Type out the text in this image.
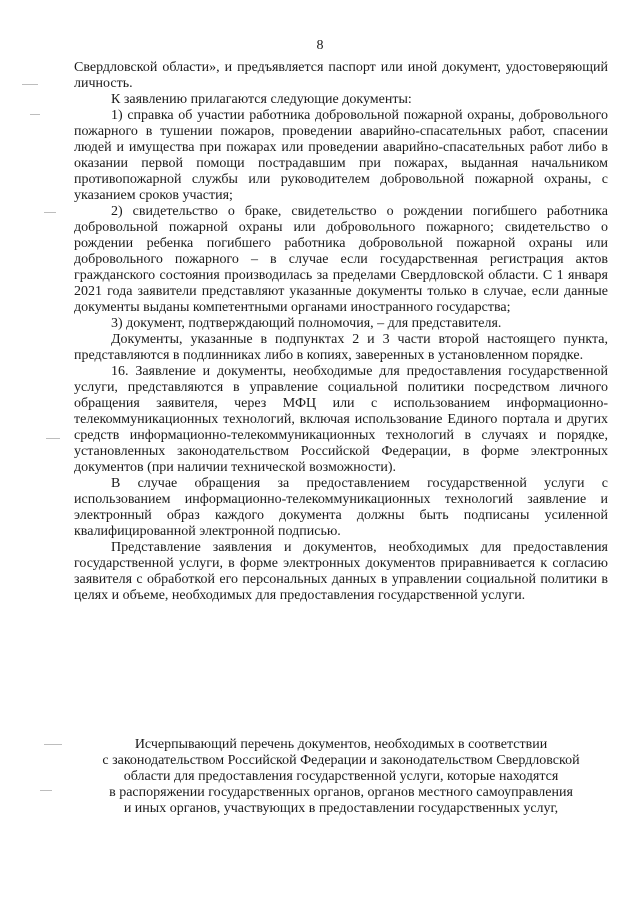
8

Свердловской области», и предъявляется паспорт или иной документ, удостоверяющий личность.

К заявлению прилагаются следующие документы:

1) справка об участии работника добровольной пожарной охраны, добровольного пожарного в тушении пожаров, проведении аварийно-спасательных работ, спасении людей и имущества при пожарах или проведении аварийно-спасательных работ либо в оказании первой помощи пострадавшим при пожарах, выданная начальником противопожарной службы или руководителем добровольной пожарной охраны, с указанием сроков участия;

2) свидетельство о браке, свидетельство о рождении погибшего работника добровольной пожарной охраны или добровольного пожарного; свидетельство о рождении ребенка погибшего работника добровольной пожарной охраны или добровольного пожарного – в случае если государственная регистрация актов гражданского состояния производилась за пределами Свердловской области. С 1 января 2021 года заявители представляют указанные документы только в случае, если данные документы выданы компетентными органами иностранного государства;

3) документ, подтверждающий полномочия, – для представителя.

Документы, указанные в подпунктах 2 и 3 части второй настоящего пункта, представляются в подлинниках либо в копиях, заверенных в установленном порядке.

16. Заявление и документы, необходимые для предоставления государственной услуги, представляются в управление социальной политики посредством личного обращения заявителя, через МФЦ или с использованием информационно-телекоммуникационных технологий, включая использование Единого портала и других средств информационно-телекоммуникационных технологий в случаях и порядке, установленных законодательством Российской Федерации, в форме электронных документов (при наличии технической возможности).

В случае обращения за предоставлением государственной услуги с использованием информационно-телекоммуникационных технологий заявление и электронный образ каждого документа должны быть подписаны усиленной квалифицированной электронной подписью.

Представление заявления и документов, необходимых для предоставления государственной услуги, в форме электронных документов приравнивается к согласию заявителя с обработкой его персональных данных в управлении социальной политики в целях и объеме, необходимых для предоставления государственной услуги.

Исчерпывающий перечень документов, необходимых в соответствии
с законодательством Российской Федерации и законодательством Свердловской
области для предоставления государственной услуги, которые находятся
в распоряжении государственных органов, органов местного самоуправления
и иных органов, участвующих в предоставлении государственных услуг,
